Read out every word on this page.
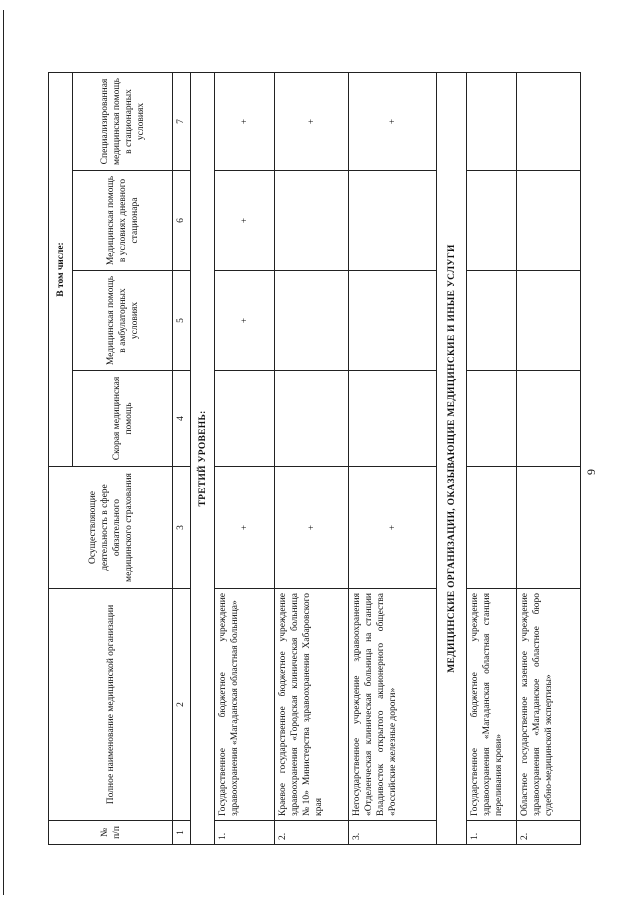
9
№ п/п	Полное наименование медицинской организации	Осуществляющие деятельность в сфере обязательного медицинского страхования	В том числе:			
			Скорая медицинская помощь	Медицинская помощь в амбулаторных условиях	Медицинская помощь в условиях дневного стационара	Специализированная медицинская помощь в стационарных условиях
1	2	3	4	5	6	7
ТРЕТИЙ УРОВЕНЬ:						
1.	Государственное бюджетное учреждение здравоохранения «Магаданская областная больница»	+		+	+	+
2.	Краевое государственное бюджетное учреждение здравоохранения «Городская клиническая больница №10» Министерства здравоохранения Хабаровского края	+				+
3.	Негосударственное учреждение здравоохранения «Отделенческая клиническая больница на станции Владивосток открытого акционерного общества «Российские железные дороги»	+				+
МЕДИЦИНСКИЕ ОРГАНИЗАЦИИ, ОКАЗЫВАЮЩИЕ МЕДИЦИНСКИЕ И ИНЫЕ УСЛУГИ						
1.	Государственное бюджетное учреждение здравоохранения «Магаданская областная станция переливания крови»					
2.	Областное государственное казенное учреждение здравоохранения «Магаданское областное бюро судебно-медицинской экспертизы»					
